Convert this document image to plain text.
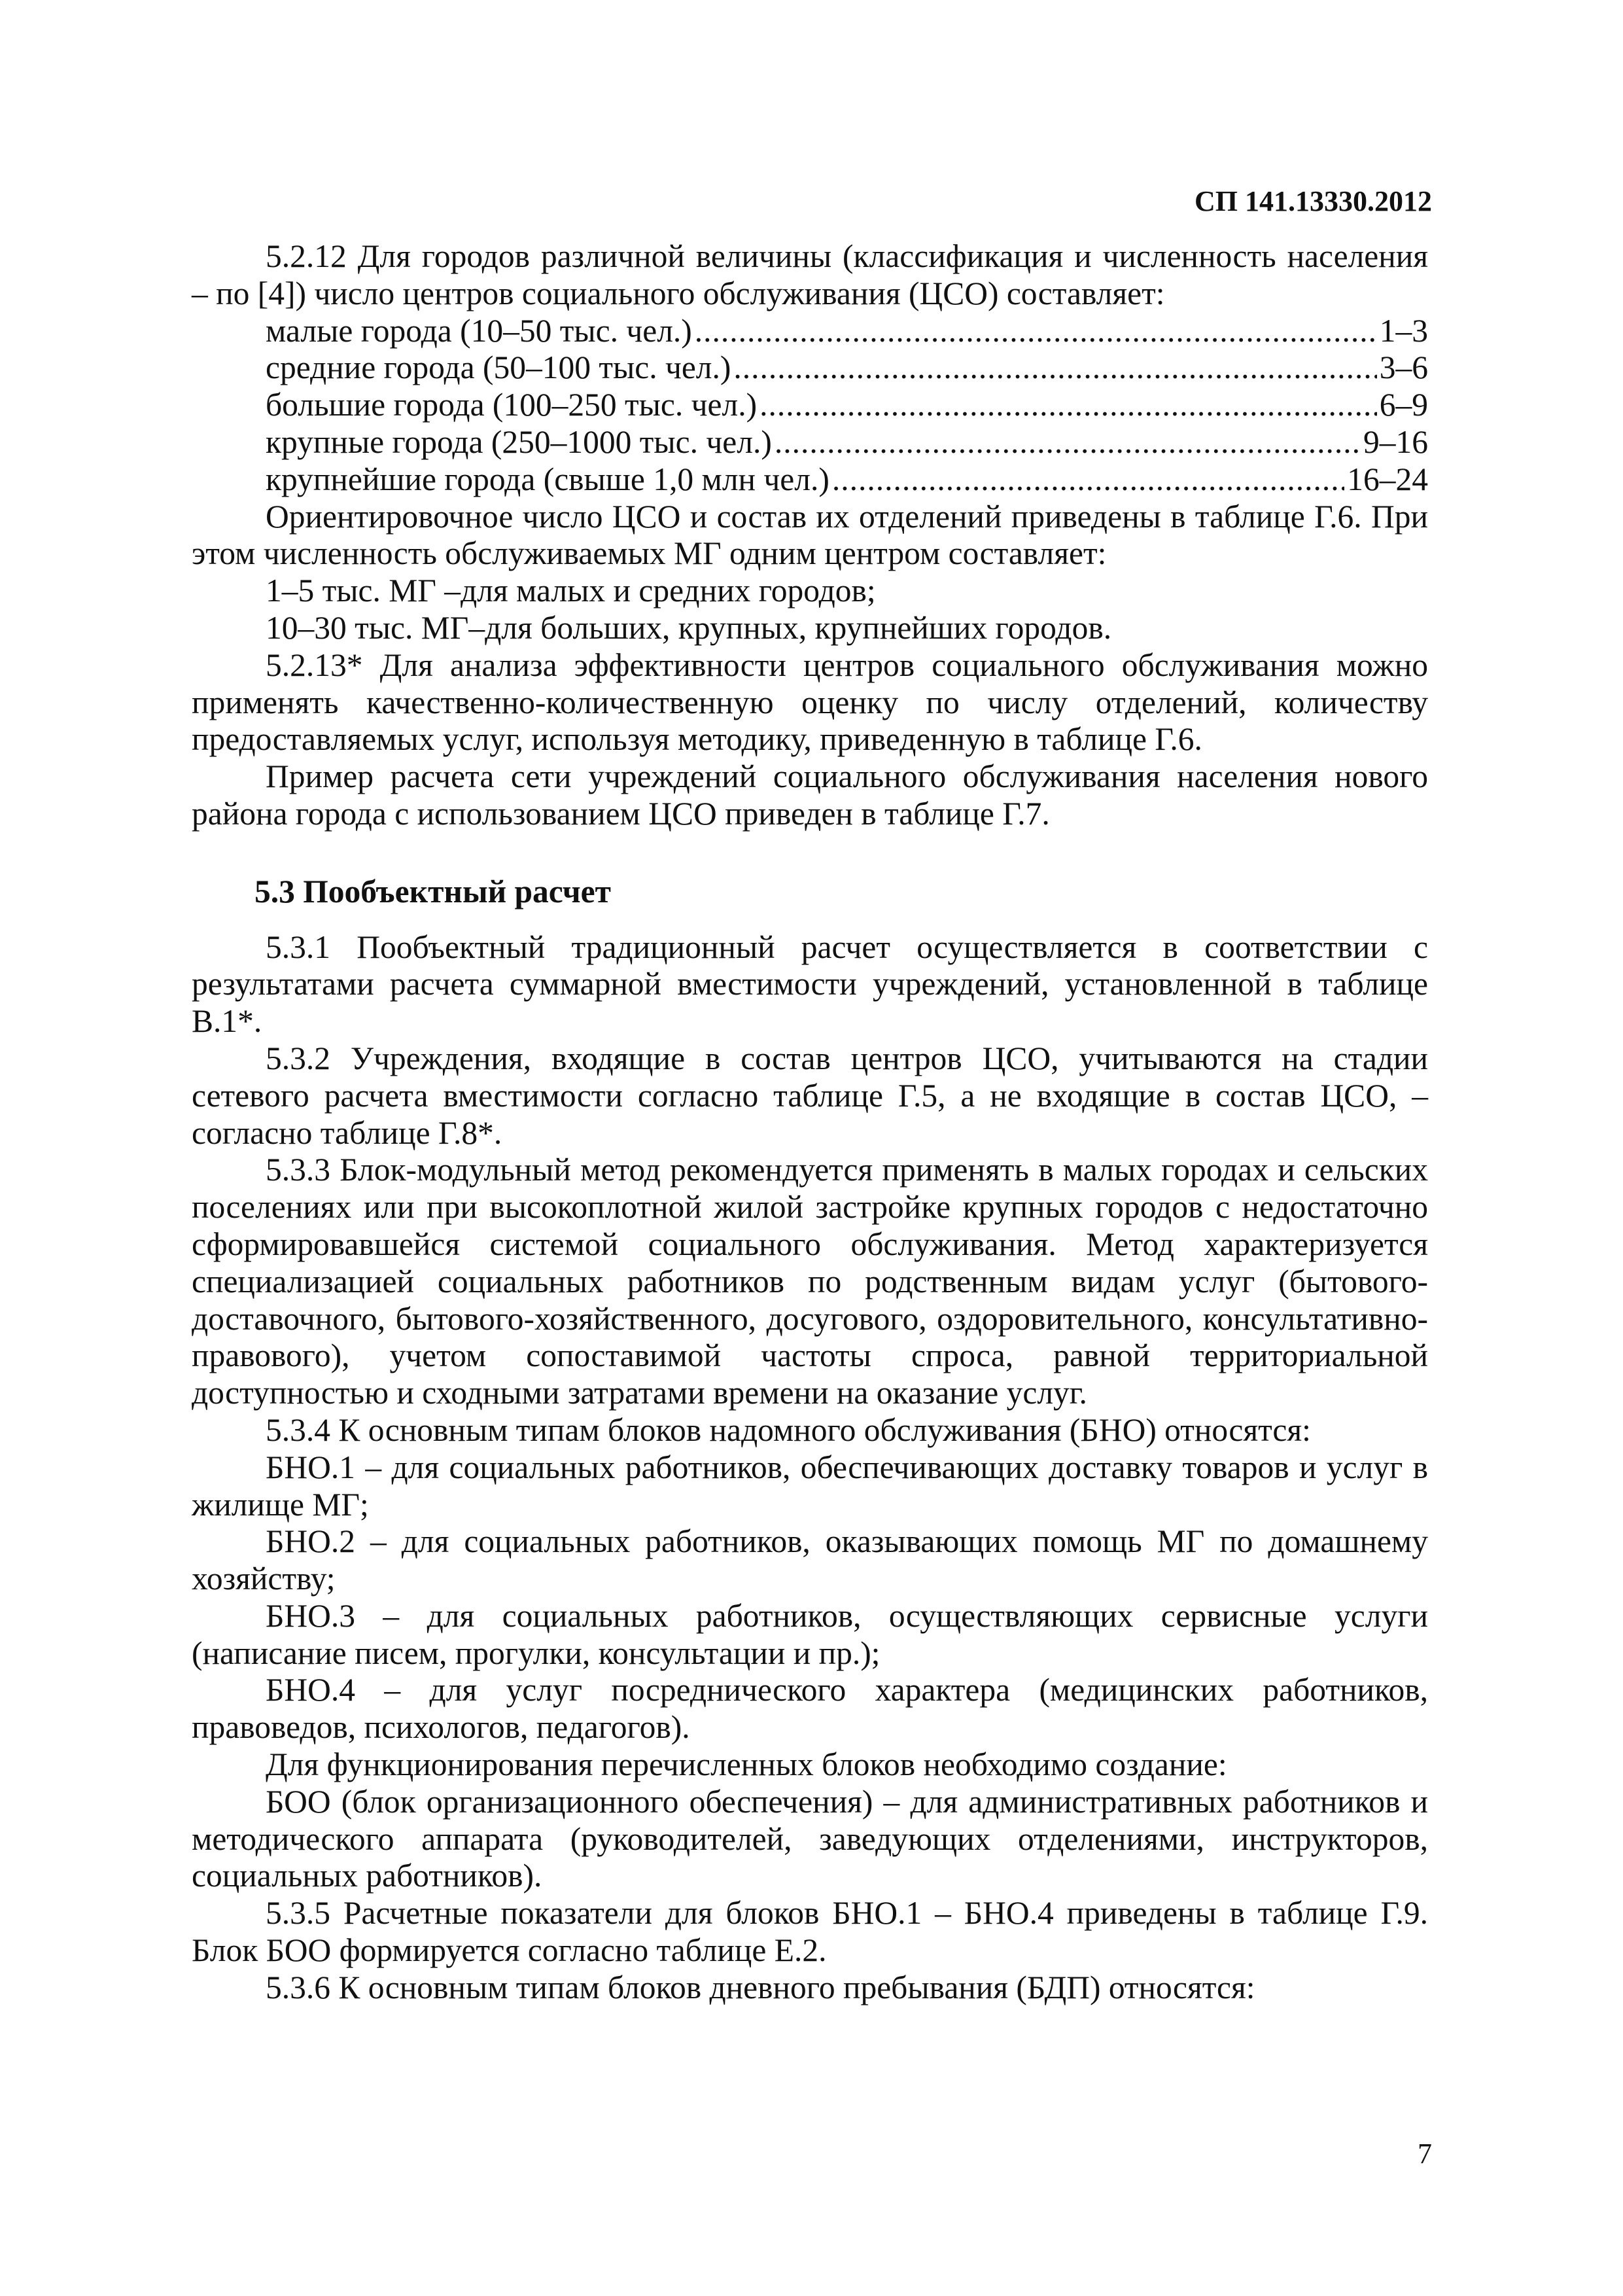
СП 141.13330.2012

5.2.12 Для городов различной величины (классификация и численность населения – по [4]) число центров социального обслуживания (ЦСО) составляет:

малые города (10–50 тыс. чел.) .....	1–3
средние города (50–100 тыс. чел.) .....	3–6
большие города (100–250 тыс. чел.) .....	6–9
крупные города (250–1000 тыс. чел.) .....	9–16
крупнейшие города (свыше 1,0 млн чел.) .....	16–24

Ориентировочное число ЦСО и состав их отделений приведены в таблице Г.6. При этом численность обслуживаемых МГ одним центром составляет:

1–5 тыс. МГ –для малых и средних городов;

10–30 тыс. МГ–для больших, крупных, крупнейших городов.

5.2.13* Для анализа эффективности центров социального обслуживания можно применять качественно-количественную оценку по числу отделений, количеству предоставляемых услуг, используя методику, приведенную в таблице Г.6.

Пример расчета сети учреждений социального обслуживания населения нового района города с использованием ЦСО приведен в таблице Г.7.

5.3 Пообъектный расчет

5.3.1 Пообъектный традиционный расчет осуществляется в соответствии с результатами расчета суммарной вместимости учреждений, установленной в таблице В.1*.

5.3.2 Учреждения, входящие в состав центров ЦСО, учитываются на стадии сетевого расчета вместимости согласно таблице Г.5, а не входящие в состав ЦСО, – согласно таблице Г.8*.

5.3.3 Блок-модульный метод рекомендуется применять в малых городах и сельских поселениях или при высокоплотной жилой застройке крупных городов с недостаточно сформировавшейся системой социального обслуживания. Метод характеризуется специализацией социальных работников по родственным видам услуг (бытового-доставочного, бытового-хозяйственного, досугового, оздоровительного, консультативно-правового), учетом сопоставимой частоты спроса, равной территориальной доступностью и сходными затратами времени на оказание услуг.

5.3.4 К основным типам блоков надомного обслуживания (БНО) относятся:

БНО.1 – для социальных работников, обеспечивающих доставку товаров и услуг в жилище МГ;

БНО.2 – для социальных работников, оказывающих помощь МГ по домашнему хозяйству;

БНО.3 – для социальных работников, осуществляющих сервисные услуги (написание писем, прогулки, консультации и пр.);

БНО.4 – для услуг посреднического характера (медицинских работников, правоведов, психологов, педагогов).

Для функционирования перечисленных блоков необходимо создание:

БОО (блок организационного обеспечения) – для административных работников и методического аппарата (руководителей, заведующих отделениями, инструкторов, социальных работников).

5.3.5 Расчетные показатели для блоков БНО.1 – БНО.4 приведены в таблице Г.9. Блок БОО формируется согласно таблице Е.2.

5.3.6 К основным типам блоков дневного пребывания (БДП) относятся:

7
